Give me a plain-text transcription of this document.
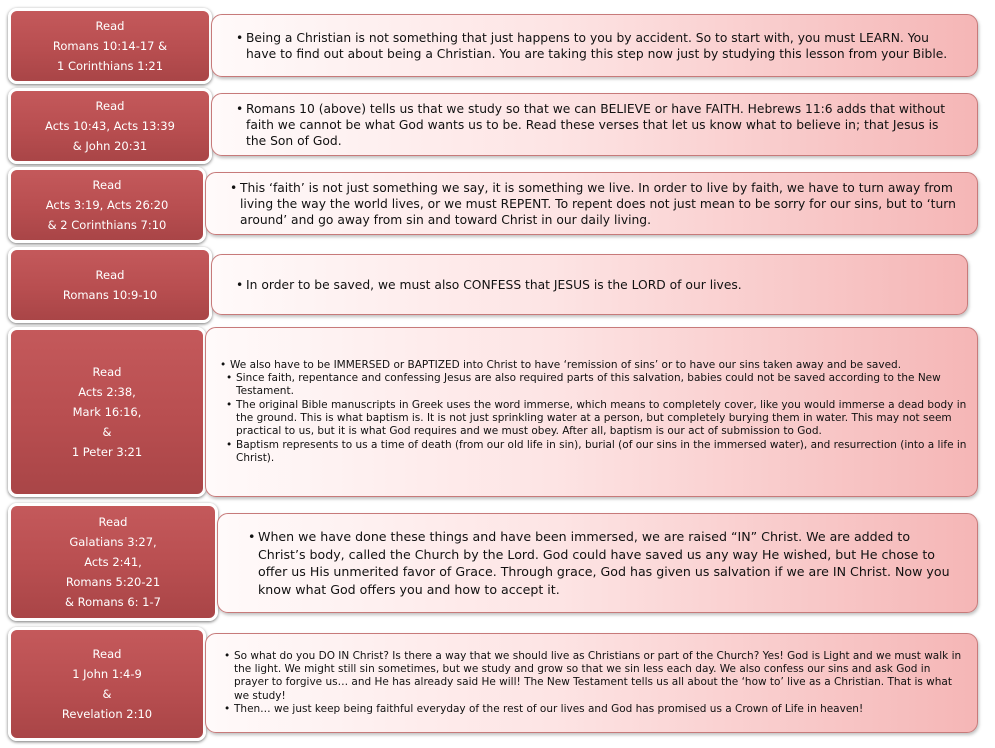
Read
Romans 10:14-17 &
1 Corinthians 1:21
• Being a Christian is not something that just happens to you by accident. So to start with, you must LEARN. You have to find out about being a Christian. You are taking this step now just by studying this lesson from your Bible.
Read
Acts 10:43, Acts 13:39
& John 20:31
• Romans 10 (above) tells us that we study so that we can BELIEVE or have FAITH. Hebrews 11:6 adds that without faith we cannot be what God wants us to be. Read these verses that let us know what to believe in; that Jesus is the Son of God.
Read
Acts 3:19, Acts 26:20
& 2 Corinthians 7:10
• This ‘faith’ is not just something we say, it is something we live. In order to live by faith, we have to turn away from living the way the world lives, or we must REPENT. To repent does not just mean to be sorry for our sins, but to ‘turn around’ and go away from sin and toward Christ in our daily living.
Read
Romans 10:9-10
• In order to be saved, we must also CONFESS that JESUS is the LORD of our lives.
Read
Acts 2:38,
Mark 16:16,
&
1 Peter 3:21
• We also have to be IMMERSED or BAPTIZED into Christ to have ‘remission of sins’ or to have our sins taken away and be saved.
• Since faith, repentance and confessing Jesus are also required parts of this salvation, babies could not be saved according to the New Testament.
• The original Bible manuscripts in Greek uses the word immerse, which means to completely cover, like you would immerse a dead body in the ground. This is what baptism is. It is not just sprinkling water at a person, but completely burying them in water. This may not seem practical to us, but it is what God requires and we must obey. After all, baptism is our act of submission to God.
• Baptism represents to us a time of death (from our old life in sin), burial (of our sins in the immersed water), and resurrection (into a life in Christ).
Read
Galatians 3:27,
Acts 2:41,
Romans 5:20-21
& Romans 6: 1-7
• When we have done these things and have been immersed, we are raised “IN” Christ. We are added to Christ’s body, called the Church by the Lord. God could have saved us any way He wished, but He chose to offer us His unmerited favor of Grace. Through grace, God has given us salvation if we are IN Christ. Now you know what God offers you and how to accept it.
Read
1 John 1:4-9
&
Revelation 2:10
• So what do you DO IN Christ? Is there a way that we should live as Christians or part of the Church? Yes! God is Light and we must walk in the light. We might still sin sometimes, but we study and grow so that we sin less each day. We also confess our sins and ask God in prayer to forgive us… and He has already said He will! The New Testament tells us all about the ‘how to’ live as a Christian. That is what we study!
• Then… we just keep being faithful everyday of the rest of our lives and God has promised us a Crown of Life in heaven!
